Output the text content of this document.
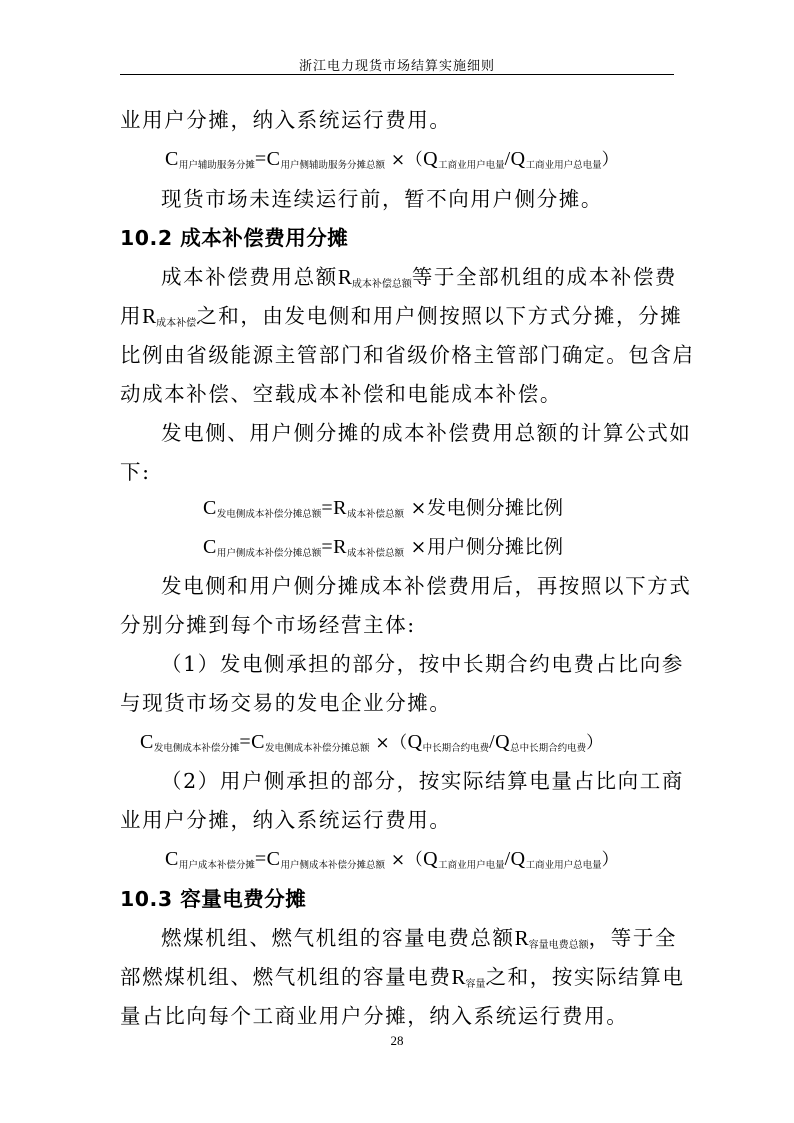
浙江电力现货市场结算实施细则
业用户分摊，纳入系统运行费用。
C用户辅助服务分摊=C用户侧辅助服务分摊总额 ×（Q工商业用户电量/Q工商业用户总电量）
现货市场未连续运行前，暂不向用户侧分摊。
10.2 成本补偿费用分摊
成本补偿费用总额$R_{成本补偿总额}$等于全部机组的成本补偿费
用$R_{成本补偿}$之和，由发电侧和用户侧按照以下方式分摊，分摊
比例由省级能源主管部门和省级价格主管部门确定。包含启
动成本补偿、空载成本补偿和电能成本补偿。
发电侧、用户侧分摊的成本补偿费用总额的计算公式如
下:
C发电侧成本补偿分摊总额=R成本补偿总额 ×发电侧分摊比例
C用户侧成本补偿分摊总额=R成本补偿总额 ×用户侧分摊比例
发电侧和用户侧分摊成本补偿费用后，再按照以下方式
分别分摊到每个市场经营主体:
（1）发电侧承担的部分，按中长期合约电费占比向参
与现货市场交易的发电企业分摊。
C发电侧成本补偿分摊=C发电侧成本补偿分摊总额 ×（Q中长期合约电费/Q总中长期合约电费）
（2）用户侧承担的部分，按实际结算电量占比向工商
业用户分摊，纳入系统运行费用。
C用户成本补偿分摊=C用户侧成本补偿分摊总额 ×（Q工商业用户电量/Q工商业用户总电量）
10.3 容量电费分摊
燃煤机组、燃气机组的容量电费总额$R_{容量电费总额}$，等于全
部燃煤机组、燃气机组的容量电费$R_{容量}$之和，按实际结算电
量占比向每个工商业用户分摊，纳入系统运行费用。
28
